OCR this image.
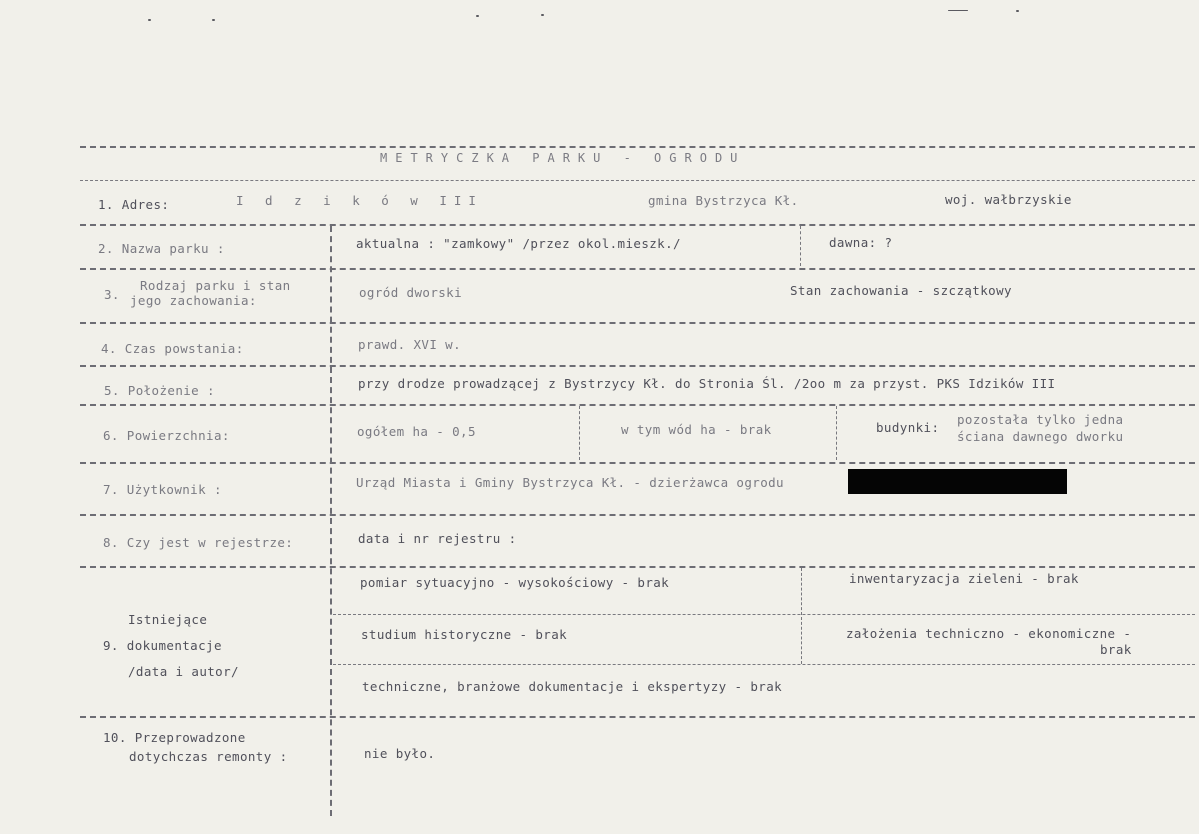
METRYCZKA PARKU - OGRODU
1. Adres:	I d z i k ó w III	gmina Bystrzyca Kł.	woj. wałbrzyskie
2. Nazwa parku :	aktualna : "zamkowy" /przez okol.mieszk./	dawna: ?
Rodzaj parku i stan
3. jego zachowania:
ogród dworski	Stan zachowania - szczątkowy
4. Czas powstania:	prawd. XVI w.
5. Położenie :	przy drodze prowadzącej z Bystrzycy Kł. do Stronia Śl. /2oo m za przyst. PKS Idzików III
6. Powierzchnia:	ogółem ha - 0,5	w tym wód ha - brak	budynki:
pozostała tylko jedna
ściana dawnego dworku
7. Użytkownik :	Urząd Miasta i Gminy Bystrzyca Kł. - dzierżawca ogrodu
8. Czy jest w rejestrze:	data i nr rejestru :
Istniejące
9. dokumentacje
/data i autor/
pomiar sytuacyjno - wysokościowy - brak	inwentaryzacja zieleni - brak
studium historyczne - brak	założenia techniczno - ekonomiczne -
brak
techniczne, branżowe dokumentacje i ekspertyzy - brak
10. Przeprowadzone
dotychczas remonty :	nie było.
